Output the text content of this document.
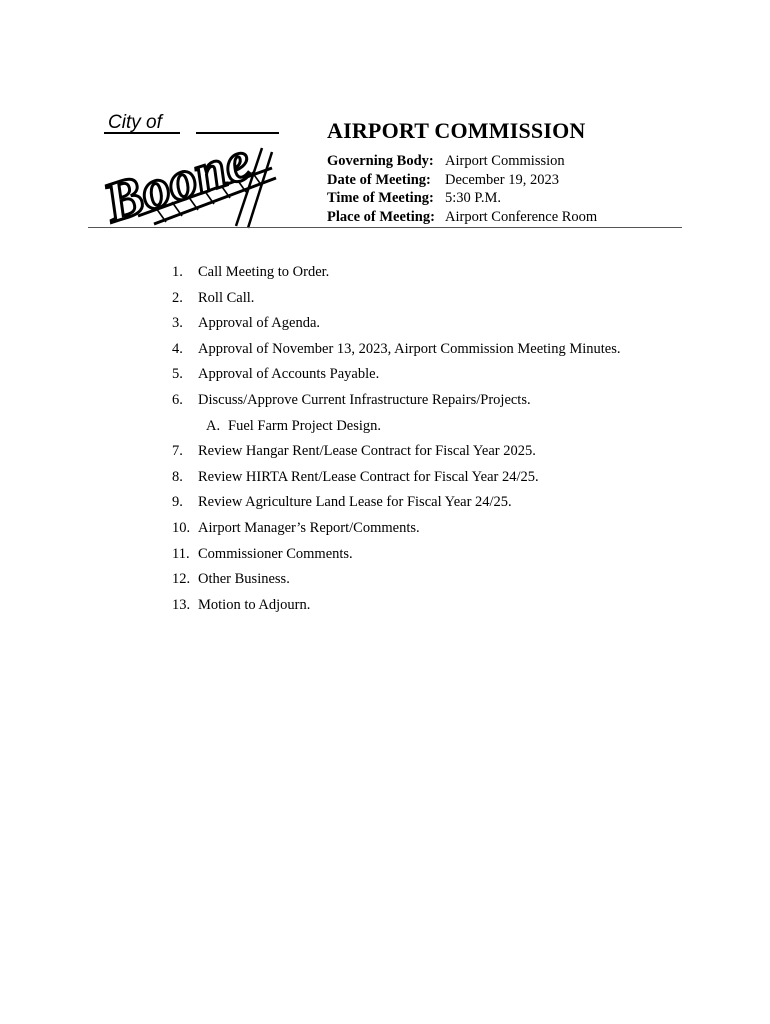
City of
Boone	AIRPORT COMMISSION
Governing Body: Airport Commission
Date of Meeting: December 19, 2023
Time of Meeting: 5:30 P.M.
Place of Meeting: Airport Conference Room
1.	Call Meeting to Order.
2.	Roll Call.
3.	Approval of Agenda.
4.	Approval of November 13, 2023, Airport Commission Meeting Minutes.
5.	Approval of Accounts Payable.
6.	Discuss/Approve Current Infrastructure Repairs/Projects.
A. Fuel Farm Project Design.
7.	Review Hangar Rent/Lease Contract for Fiscal Year 2025.
8.	Review HIRTA Rent/Lease Contract for Fiscal Year 24/25.
9.	Review Agriculture Land Lease for Fiscal Year 24/25.
10. Airport Manager’s Report/Comments.
11. Commissioner Comments.
12. Other Business.
13. Motion to Adjourn.
